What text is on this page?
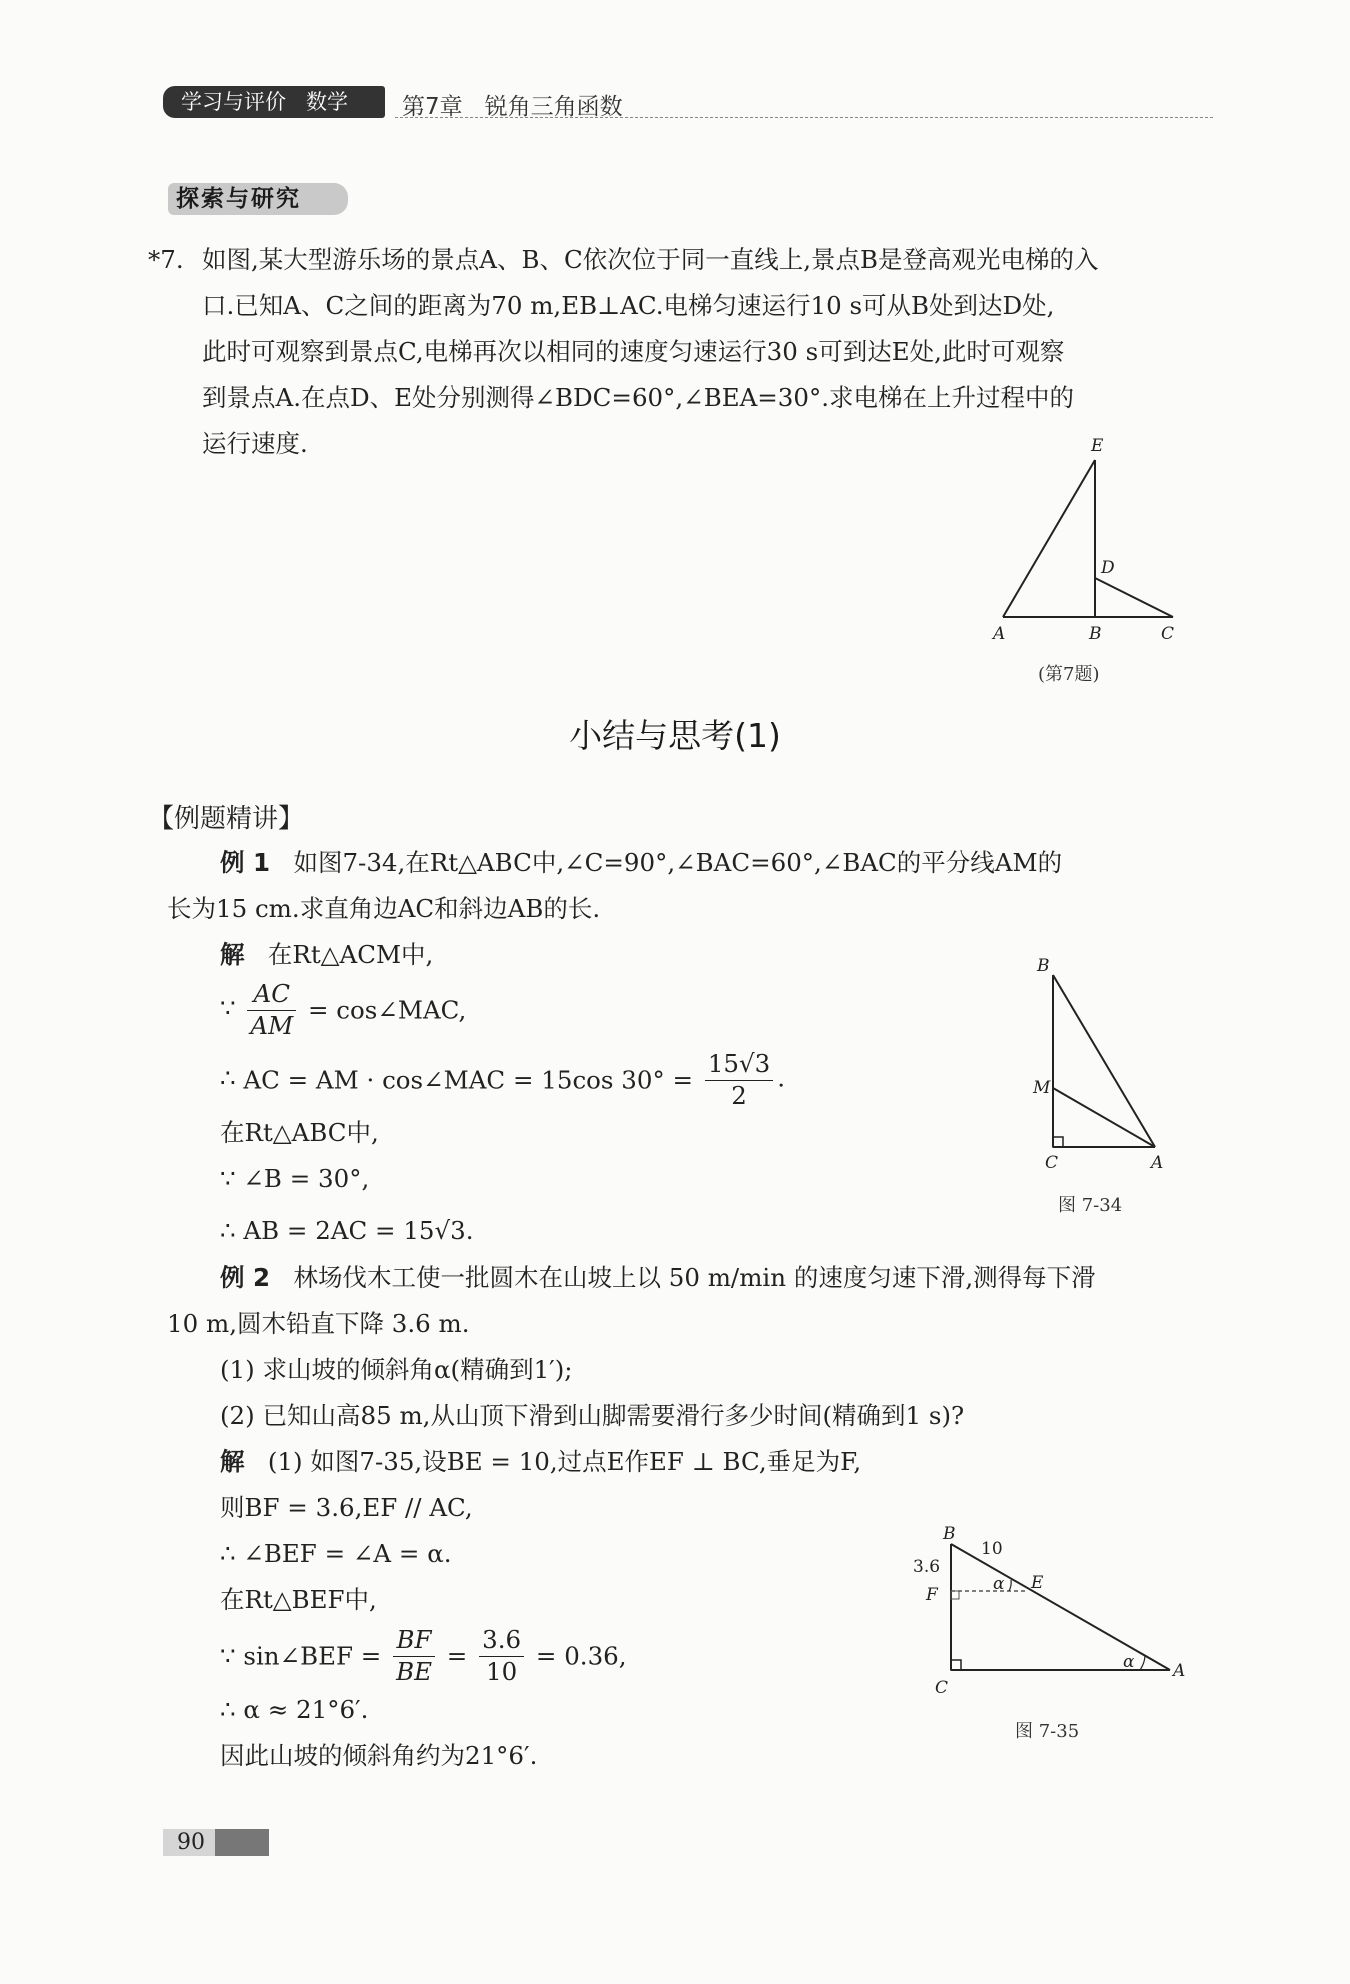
学习与评价 数学	第7章 锐角三角函数
探索与研究
*7. 如图,某大型游乐场的景点A、B、C依次位于同一直线上,景点B是登高观光电梯的入
口.已知A、C之间的距离为70 m,EB⊥AC.电梯匀速运行10 s可从B处到达D处,
此时可观察到景点C,电梯再次以相同的速度匀速运行30 s可到达E处,此时可观察
到景点A.在点D、E处分别测得∠BDC=60°,∠BEA=30°.求电梯在上升过程中的
运行速度.	E
D
A	B	C
(第7题)
小结与思考(1)
【例题精讲】
例 1 如图7-34,在Rt△ABC中,∠C=90°,∠BAC=60°,∠BAC的平分线AM的
长为15 cm.求直角边AC和斜边AB的长.
解 在Rt△ACM中,
∵ $\frac{AC}{AM}$ = cos∠MAC,
∴ AC = AM · cos∠MAC = 15cos $30^\circ = \frac{15√3}{2}$ .
在Rt△ABC中,
∵ ∠B = 30°,
∴ AB = 2AC = 15√3.
B
M
C	A
图 7-34
例 2 林场伐木工使一批圆木在山坡上以 50 m/min 的速度匀速下滑,测得每下滑
10 m,圆木铅直下降 3.6 m.
(1) 求山坡的倾斜角α(精确到1′);
(2) 已知山高85 m,从山顶下滑到山脚需要滑行多少时间(精确到1 s)?
解 (1) 如图7-35,设BE = 10,过点E作EF ⊥ BC,垂足为F,
则BF = 3.6,EF // AC,
∴ ∠BEF = ∠A = α.
在Rt△BEF中,
∵ sin∠BEF = $\frac{BF}{BE} = \frac{3.6}{10} = 0.36$,
∴ α ≈ 21°6′.
因此山坡的倾斜角约为21°6′.
B
10
3.6
F
E
α
α
C
A
图 7-35
90
